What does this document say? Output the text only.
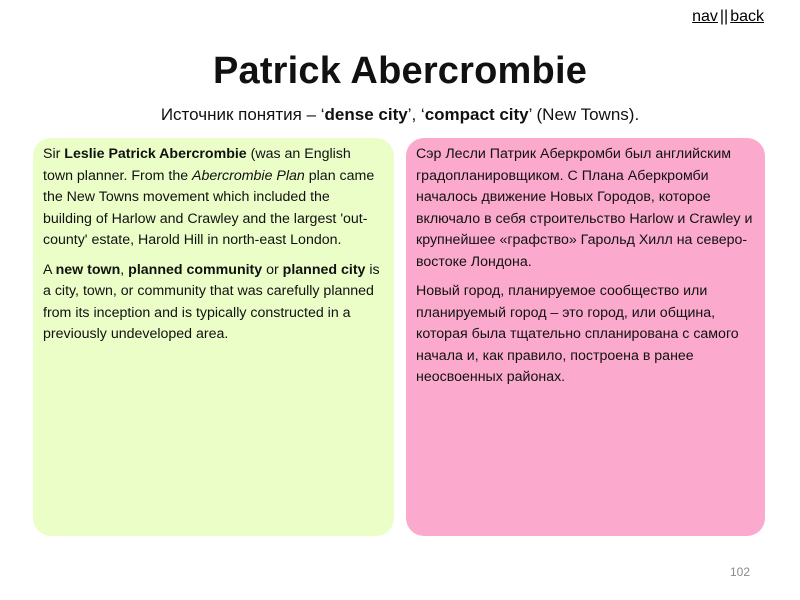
nav || back
Patrick Abercrombie

Источник понятия – ‘dense city’, ‘compact city’ (New Towns).

Sir Leslie Patrick Abercrombie (was an English town planner. From the Abercrombie Plan plan came the New Towns movement which included the building of Harlow and Crawley and the largest 'out-county' estate, Harold Hill in north-east London.

A new town, planned community or planned city is a city, town, or community that was carefully planned from its inception and is typically constructed in a previously undeveloped area.

Сэр Лесли Патрик Аберкромби был английским градопланировщиком. С Плана Аберкромби началось движение Новых Городов, которое включало в себя строительство Harlow и Crawley и крупнейшее «графство» Гарольд Хилл на северо-востоке Лондона.

Новый город, планируемое сообщество или планируемый город – это город, или община, которая была тщательно спланирована с самого начала и, как правило, построена в ранее неосвоенных районах.

102
